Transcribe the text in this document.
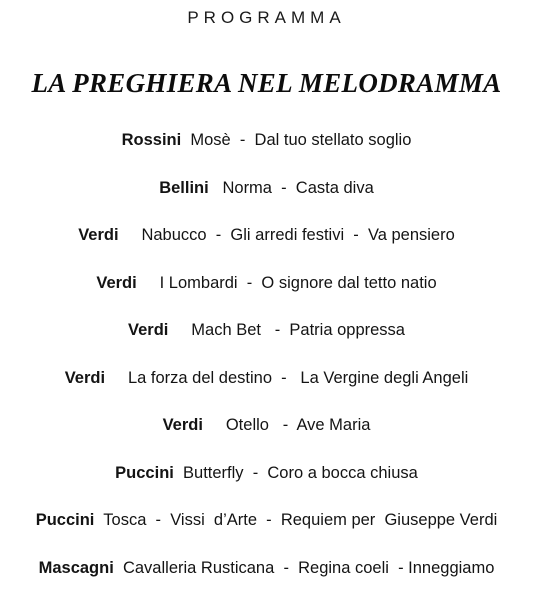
PROGRAMMA
LA PREGHIERA NEL MELODRAMMA
Rossini  Mosè  -  Dal tuo stellato soglio
Bellini   Norma  -  Casta diva
Verdi     Nabucco  -  Gli arredi festivi  -  Va pensiero
Verdi     I Lombardi  -  O signore dal tetto natio
Verdi     Mach Bet   -  Patria oppressa
Verdi     La forza del destino  -   La Vergine degli Angeli
Verdi     Otello   -  Ave Maria
Puccini  Butterfly  -  Coro a bocca chiusa
Puccini  Tosca  -  Vissi  d’Arte  -  Requiem per  Giuseppe Verdi
Mascagni  Cavalleria Rusticana  -  Regina coeli  - Inneggiamo
